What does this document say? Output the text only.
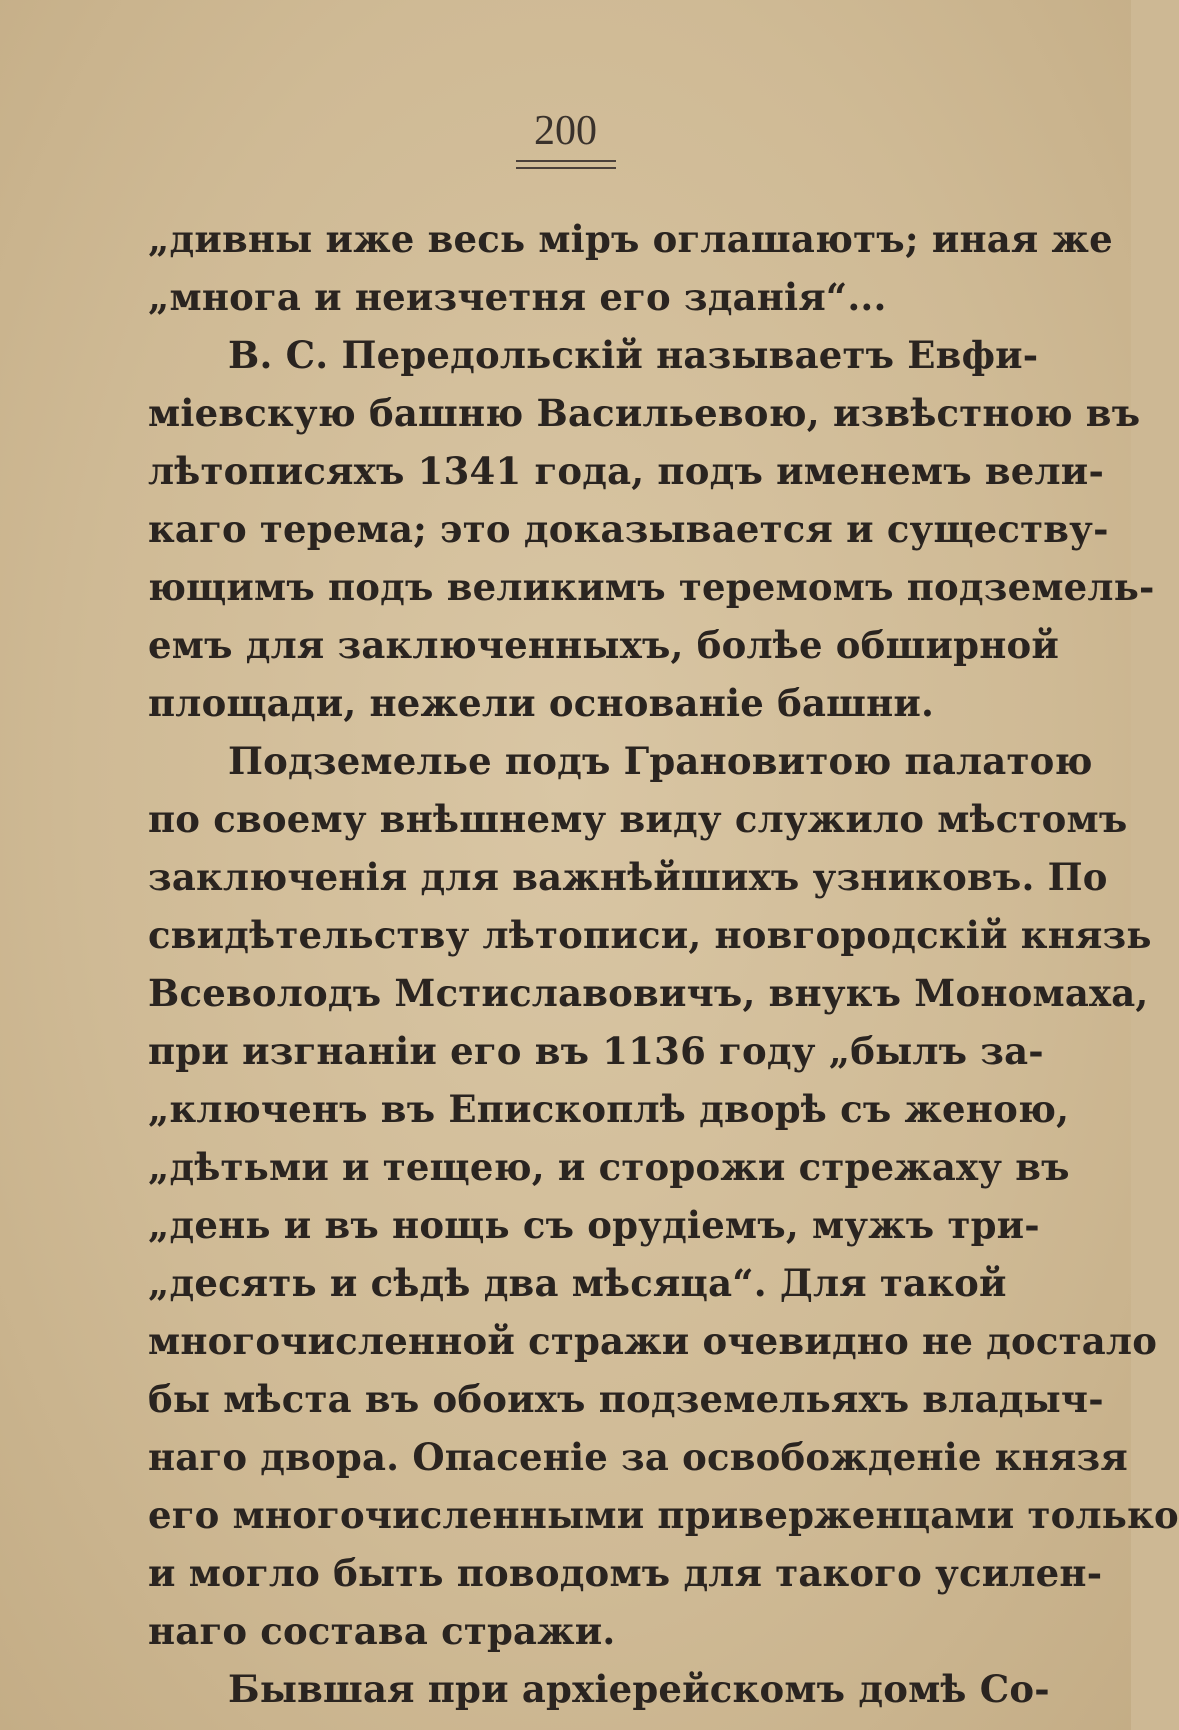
200
„дивны иже весь міръ оглашаютъ; иная же
„многа и неизчетня его зданія“...
В. С. Передольскій называетъ Евфи-
міевскую башню Васильевою, извѣстною въ
лѣтописяхъ 1341 года, подъ именемъ вели-
каго терема; это доказывается и существу-
ющимъ подъ великимъ теремомъ подземель-
емъ для заключенныхъ, болѣе обширной
площади, нежели основаніе башни.
Подземелье подъ Грановитою палатою
по своему внѣшнему виду служило мѣстомъ
заключенія для важнѣйшихъ узниковъ. По
свидѣтельству лѣтописи, новгородскій князь
Всеволодъ Мстиславовичъ, внукъ Мономаха,
при изгнаніи его въ 1136 году „былъ за-
„ключенъ въ Епископлѣ дворѣ съ женою,
„дѣтьми и тещею, и сторожи стрежаху въ
„день и въ нощь съ орудіемъ, мужъ три-
„десять и сѣдѣ два мѣсяца“. Для такой
многочисленной стражи очевидно не достало
бы мѣста въ обоихъ подземельяхъ владыч-
наго двора. Опасеніе за освобожденіе князя
его многочисленными приверженцами только
и могло быть поводомъ для такого усилен-
наго состава стражи.
Бывшая при архіерейскомъ домѣ Со-
